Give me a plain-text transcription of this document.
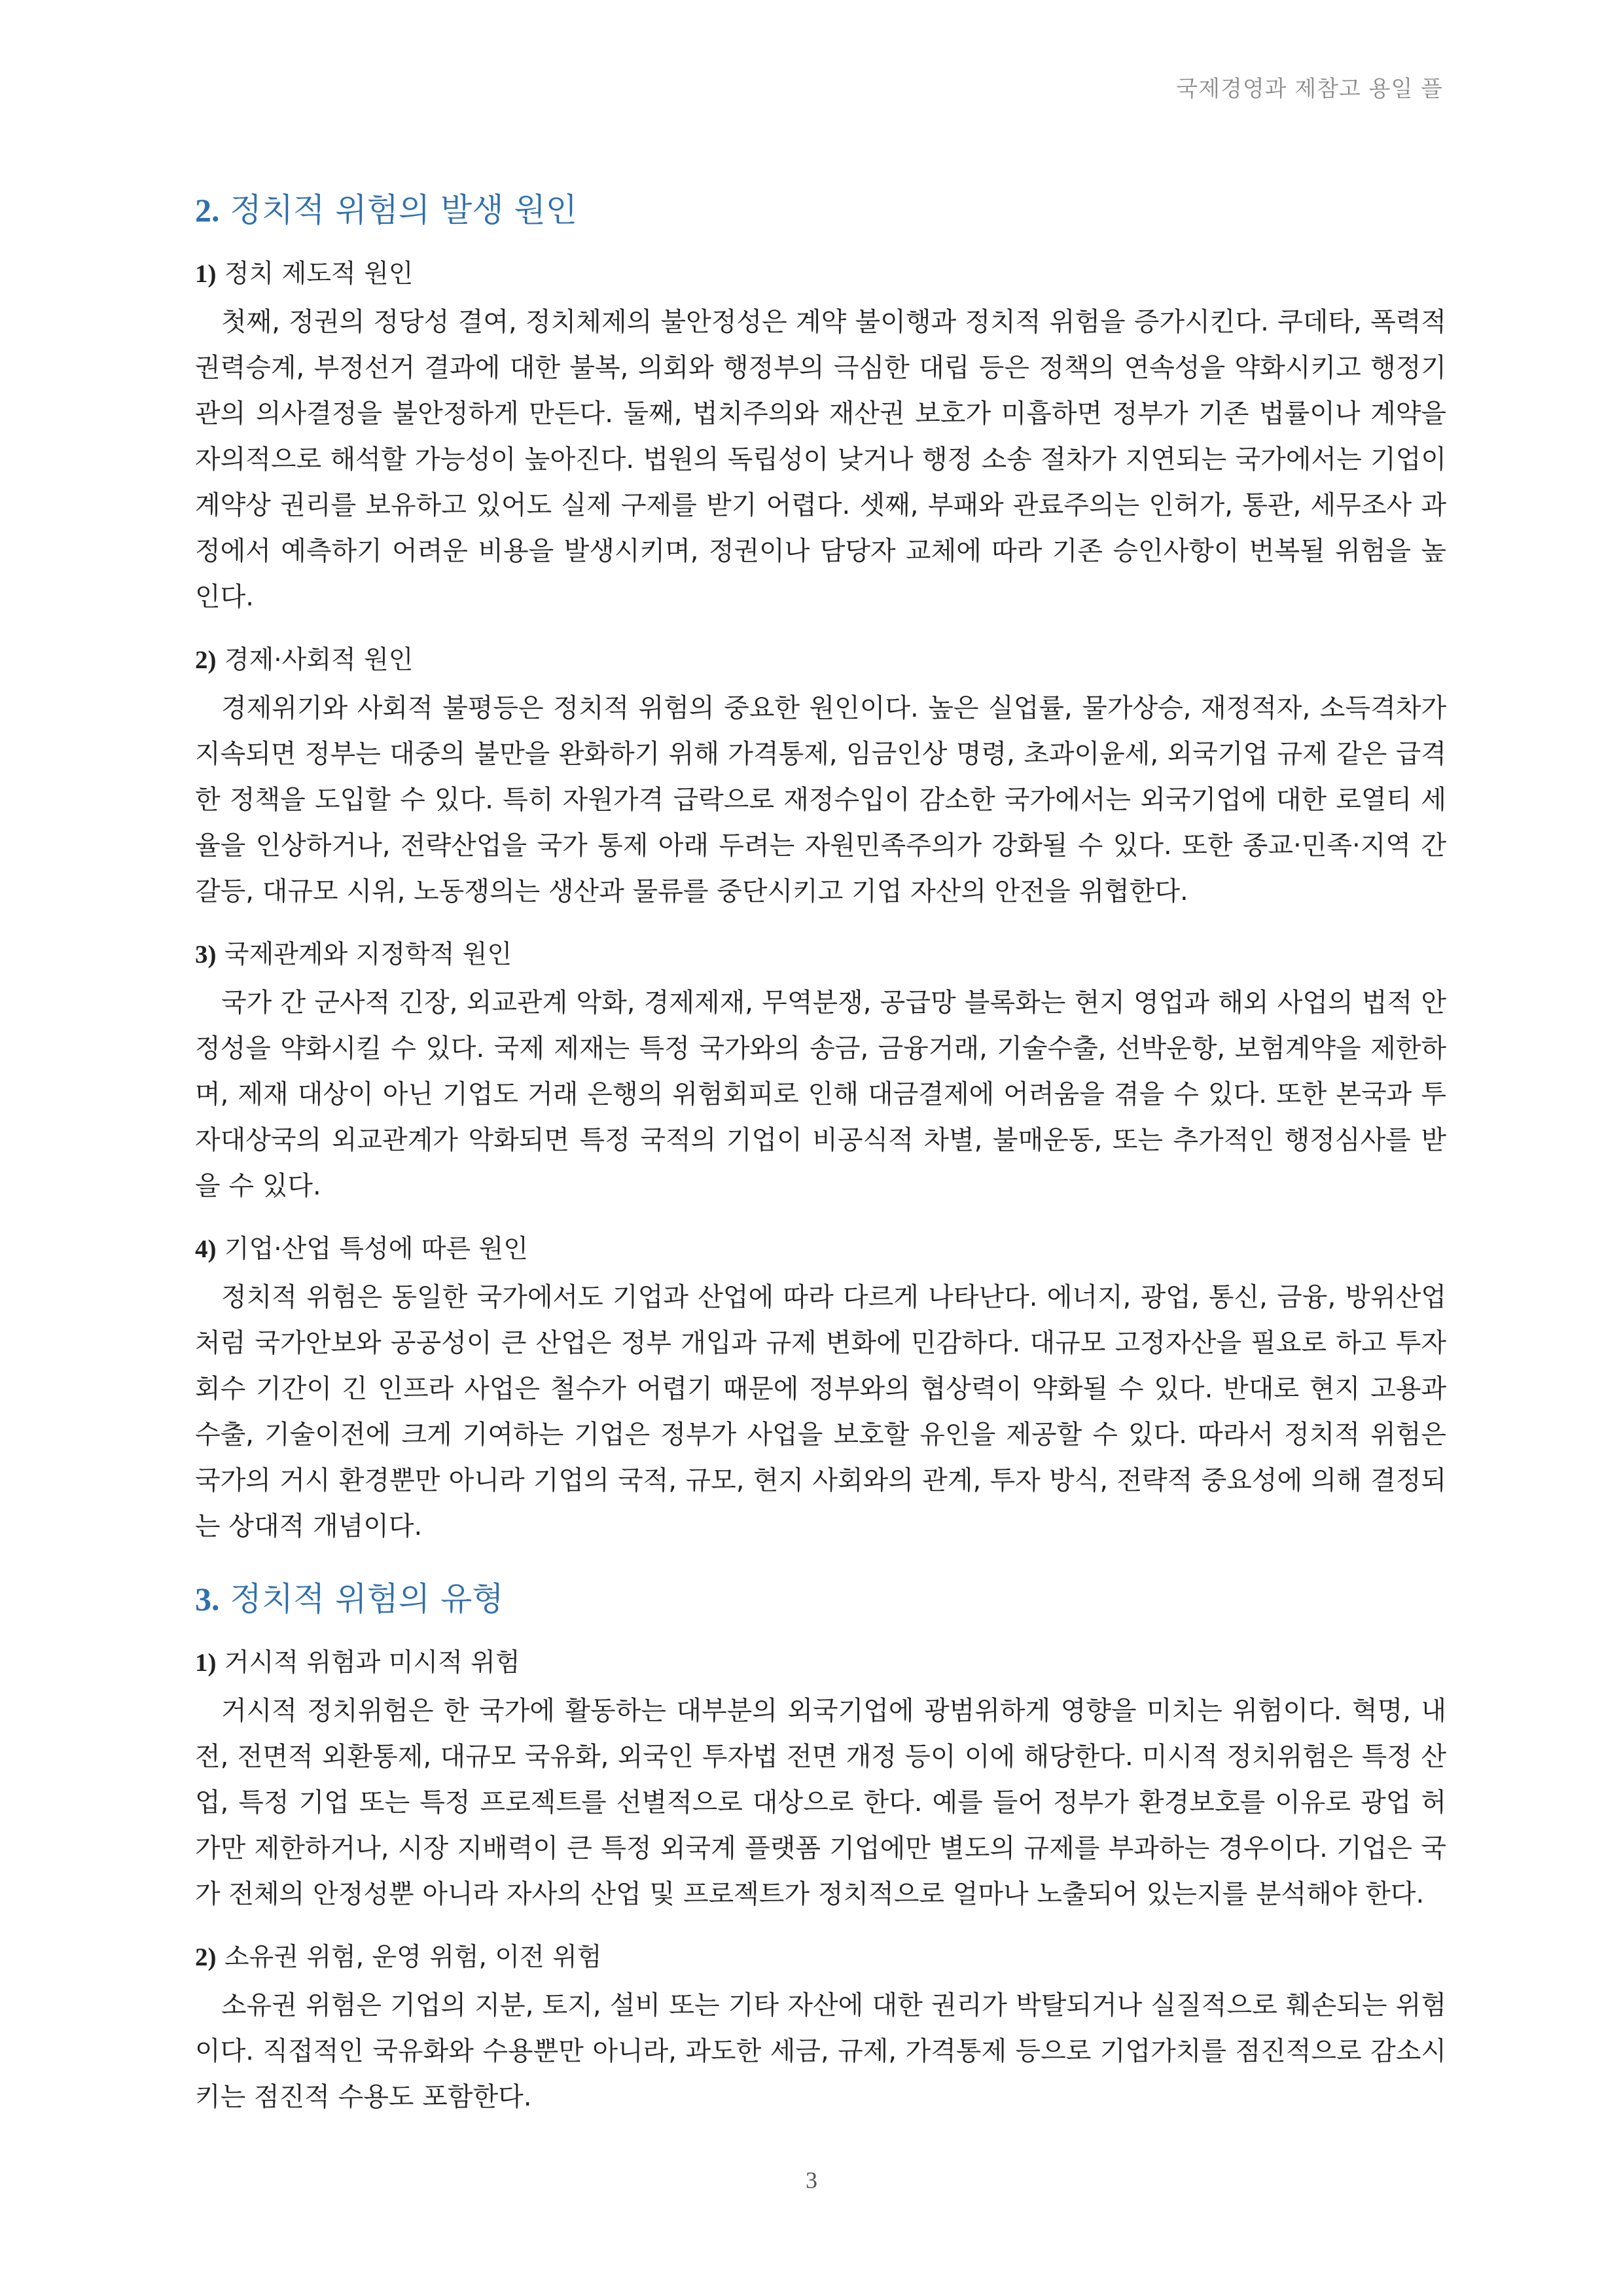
국제경영과 제참고 용일 플
2. 정치적 위험의 발생 원인
1) 정치 제도적 원인

첫째, 정권의 정당성 결여, 정치체제의 불안정성은 계약 불이행과 정치적 위험을 증가시킨다. 쿠데타, 폭력적 권력승계, 부정선거 결과에 대한 불복, 의회와 행정부의 극심한 대립 등은 정책의 연속성을 약화시키고 행정기관의 의사결정을 불안정하게 만든다. 둘째, 법치주의와 재산권 보호가 미흡하면 정부가 기존 법률이나 계약을 자의적으로 해석할 가능성이 높아진다. 법원의 독립성이 낮거나 행정 소송 절차가 지연되는 국가에서는 기업이 계약상 권리를 보유하고 있어도 실제 구제를 받기 어렵다. 셋째, 부패와 관료주의는 인허가, 통관, 세무조사 과정에서 예측하기 어려운 비용을 발생시키며, 정권이나 담당자 교체에 따라 기존 승인사항이 번복될 위험을 높인다.

2) 경제·사회적 원인

경제위기와 사회적 불평등은 정치적 위험의 중요한 원인이다. 높은 실업률, 물가상승, 재정적자, 소득격차가 지속되면 정부는 대중의 불만을 완화하기 위해 가격통제, 임금인상 명령, 초과이윤세, 외국기업 규제 같은 급격한 정책을 도입할 수 있다. 특히 자원가격 급락으로 재정수입이 감소한 국가에서는 외국기업에 대한 로열티 세율을 인상하거나, 전략산업을 국가 통제 아래 두려는 자원민족주의가 강화될 수 있다. 또한 종교·민족·지역 간 갈등, 대규모 시위, 노동쟁의는 생산과 물류를 중단시키고 기업 자산의 안전을 위협한다.

3) 국제관계와 지정학적 원인

국가 간 군사적 긴장, 외교관계 악화, 경제제재, 무역분쟁, 공급망 블록화는 현지 영업과 해외 사업의 법적 안정성을 약화시킬 수 있다. 국제 제재는 특정 국가와의 송금, 금융거래, 기술수출, 선박운항, 보험계약을 제한하며, 제재 대상이 아닌 기업도 거래 은행의 위험회피로 인해 대금결제에 어려움을 겪을 수 있다. 또한 본국과 투자대상국의 외교관계가 악화되면 특정 국적의 기업이 비공식적 차별, 불매운동, 또는 추가적인 행정심사를 받을 수 있다.

4) 기업·산업 특성에 따른 원인

정치적 위험은 동일한 국가에서도 기업과 산업에 따라 다르게 나타난다. 에너지, 광업, 통신, 금융, 방위산업처럼 국가안보와 공공성이 큰 산업은 정부 개입과 규제 변화에 민감하다. 대규모 고정자산을 필요로 하고 투자회수 기간이 긴 인프라 사업은 철수가 어렵기 때문에 정부와의 협상력이 약화될 수 있다. 반대로 현지 고용과 수출, 기술이전에 크게 기여하는 기업은 정부가 사업을 보호할 유인을 제공할 수 있다. 따라서 정치적 위험은 국가의 거시 환경뿐만 아니라 기업의 국적, 규모, 현지 사회와의 관계, 투자 방식, 전략적 중요성에 의해 결정되는 상대적 개념이다.

3. 정치적 위험의 유형
1) 거시적 위험과 미시적 위험

거시적 정치위험은 한 국가에 활동하는 대부분의 외국기업에 광범위하게 영향을 미치는 위험이다. 혁명, 내전, 전면적 외환통제, 대규모 국유화, 외국인 투자법 전면 개정 등이 이에 해당한다. 미시적 정치위험은 특정 산업, 특정 기업 또는 특정 프로젝트를 선별적으로 대상으로 한다. 예를 들어 정부가 환경보호를 이유로 광업 허가만 제한하거나, 시장 지배력이 큰 특정 외국계 플랫폼 기업에만 별도의 규제를 부과하는 경우이다. 기업은 국가 전체의 안정성뿐 아니라 자사의 산업 및 프로젝트가 정치적으로 얼마나 노출되어 있는지를 분석해야 한다.

2) 소유권 위험, 운영 위험, 이전 위험

소유권 위험은 기업의 지분, 토지, 설비 또는 기타 자산에 대한 권리가 박탈되거나 실질적으로 훼손되는 위험이다. 직접적인 국유화와 수용뿐만 아니라, 과도한 세금, 규제, 가격통제 등으로 기업가치를 점진적으로 감소시키는 점진적 수용도 포함한다.

3
